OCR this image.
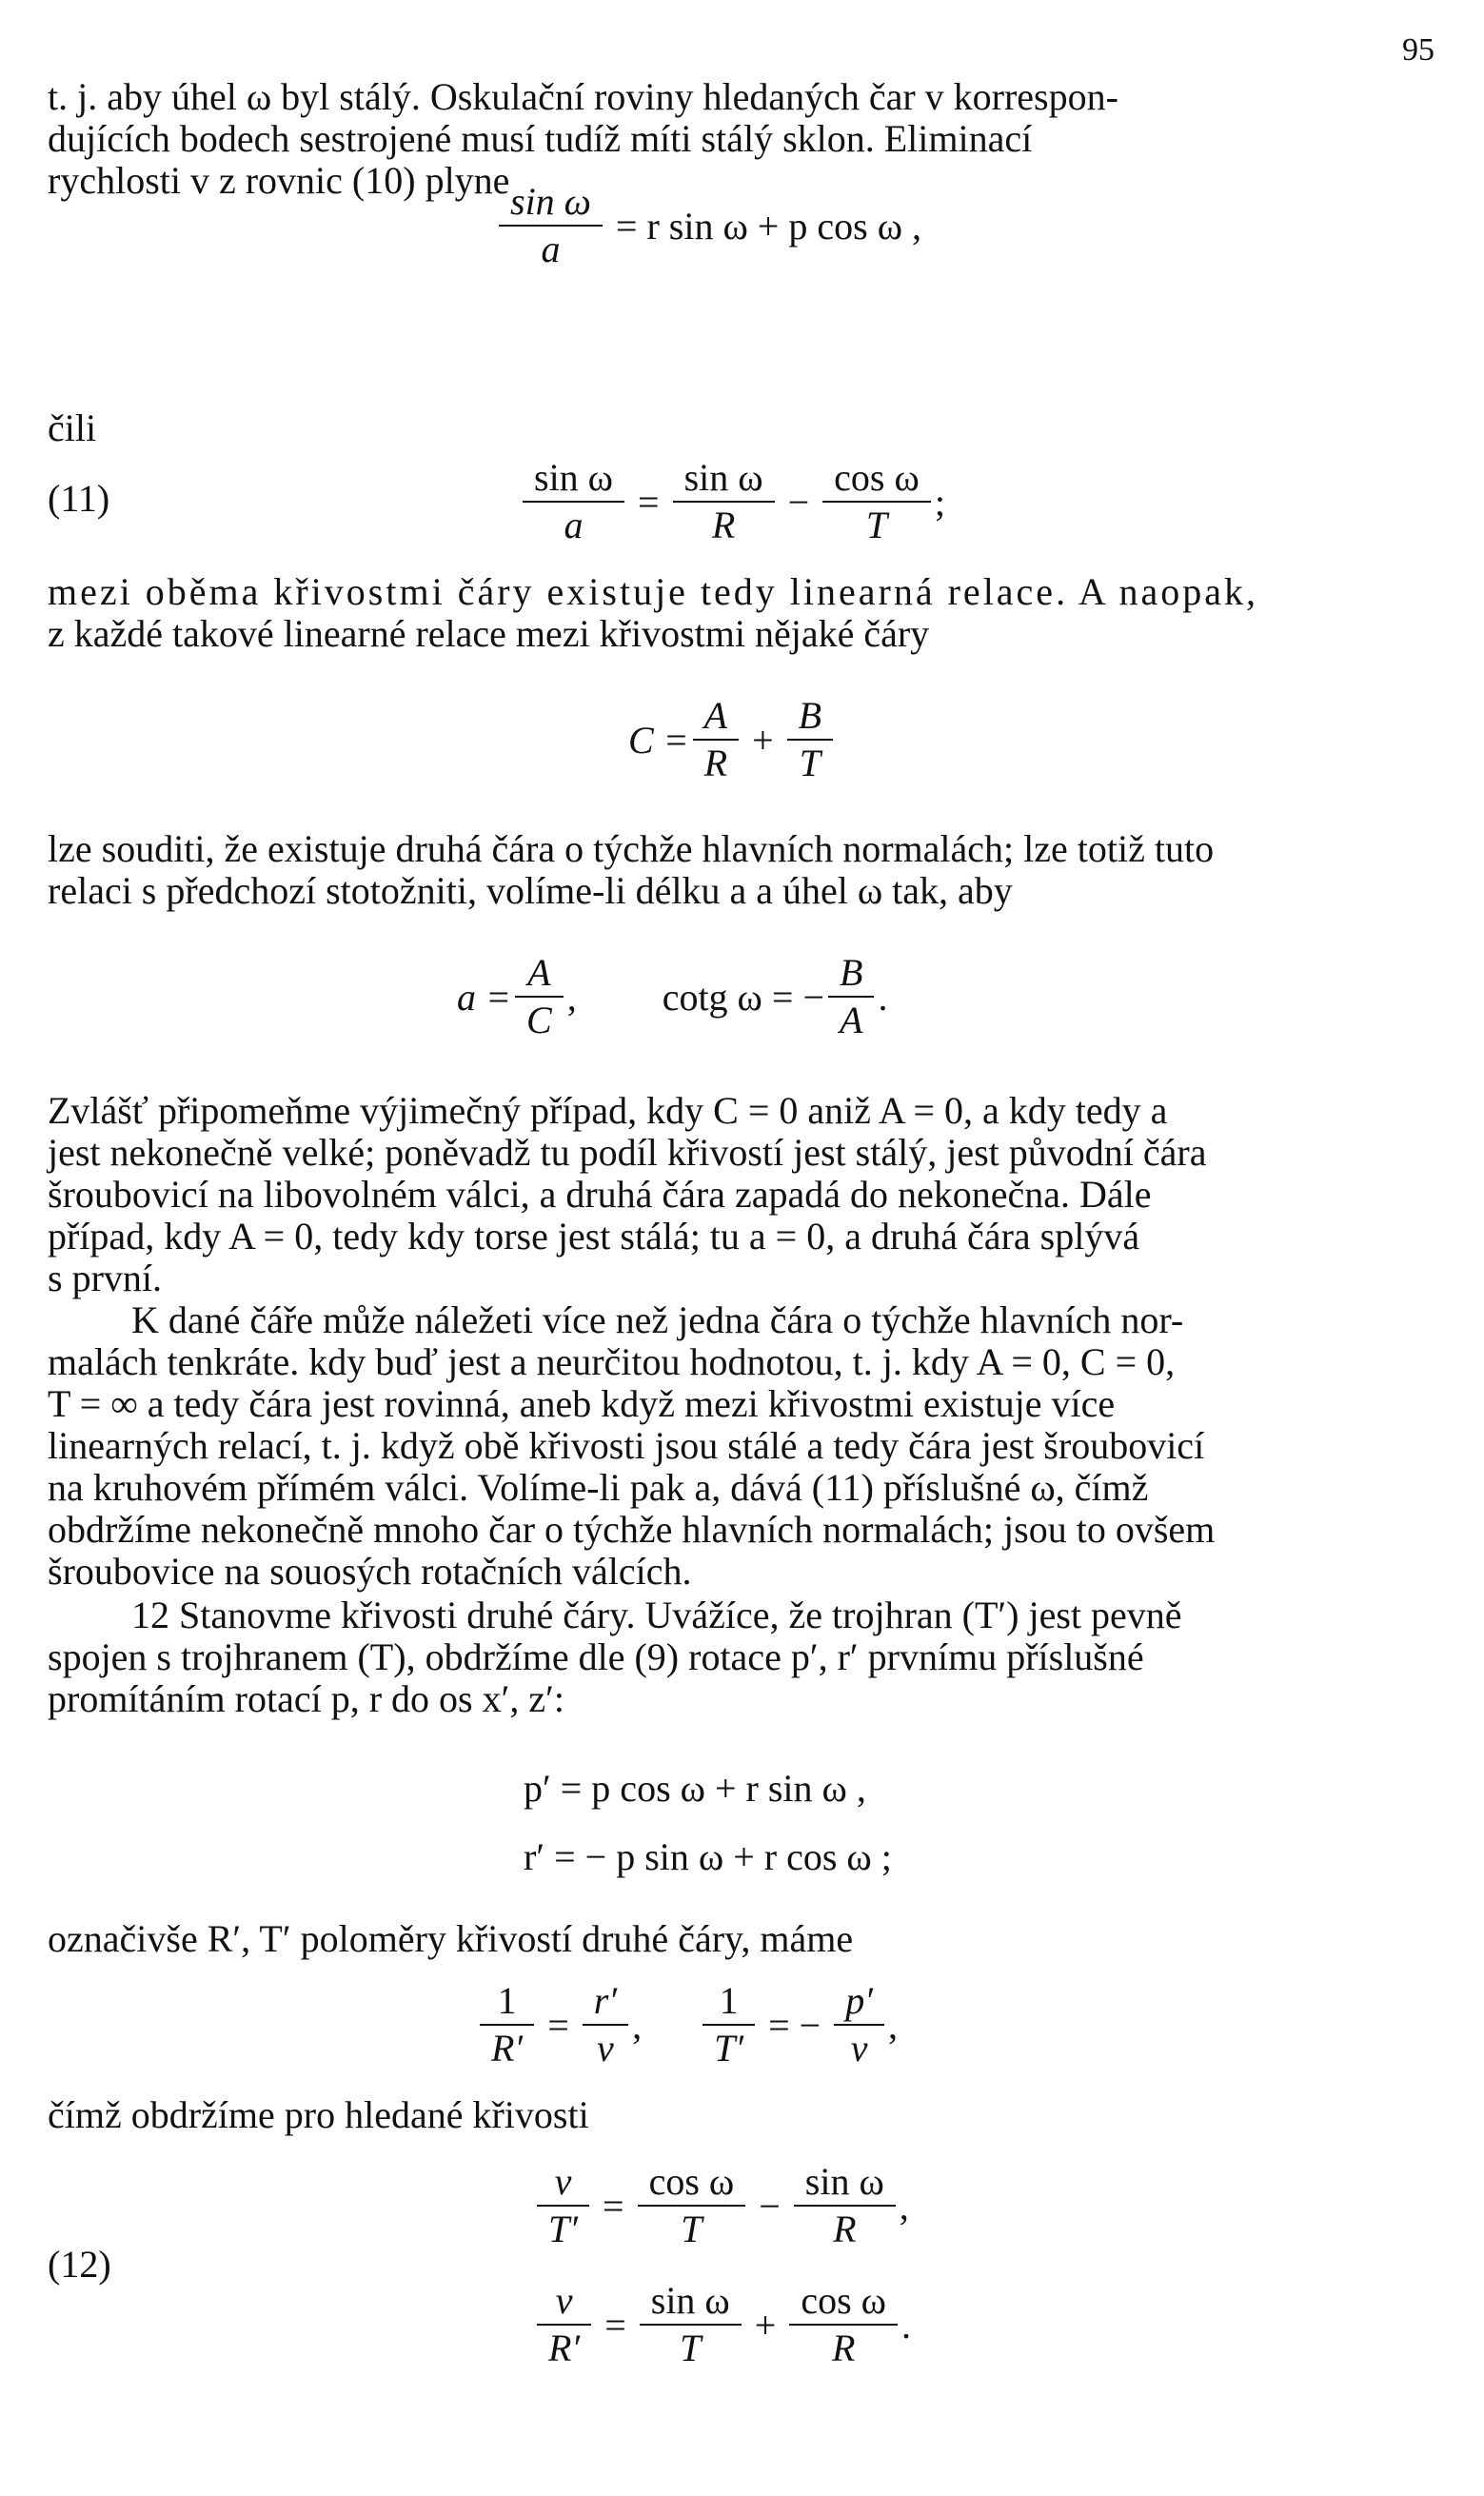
95

t. j. aby úhel ω byl stálý. Oskulační roviny hledaných čar v korrespon-
dujících bodech sestrojené musí tudíž míti stálý sklon. Eliminací
rychlosti v z rovnic (10) plyne

$\frac{\text{sin ω}}{a} = r$ sin ω + p cos ω ,
čili
(11)	$\frac{\text{sin ω}}{a} = \frac{\text{sin ω}}{R} - \frac{\text{cos ω}}{T}$ ;

mezi oběma křivostmi čáry existuje tedy linearná relace. A naopak,
z každé takové linearné relace mezi křivostmi nějaké čáry

$C = \frac{A}{R} + \frac{B}{T}$

lze souditi, že existuje druhá čára o týchže hlavních normalách; lze totiž tuto
relaci s předchozí stotožniti, volíme-li délku a a úhel ω tak, aby

$a = \frac{A}{C}$ , cotg ω = − $\frac{B}{A}$ .

Zvlášť připomeňme výjimečný případ, kdy C = 0 aniž A = 0, a kdy tedy a
jest nekonečně velké; poněvadž tu podíl křivostí jest stálý, jest původní čára
šroubovicí na libovolném válci, a druhá čára zapadá do nekonečna. Dále
případ, kdy A = 0, tedy kdy torse jest stálá; tu a = 0, a druhá čára splývá
s první.

K dané čáře může náležeti více než jedna čára o týchže hlavních nor-
malách tenkráte. kdy buď jest a neurčitou hodnotou, t. j. kdy A = 0, C = 0,
T = ∞ a tedy čára jest rovinná, aneb když mezi křivostmi existuje více
linearných relací, t. j. když obě křivosti jsou stálé a tedy čára jest šroubovicí
na kruhovém přímém válci. Volíme-li pak a, dává (11) příslušné ω, čímž
obdržíme nekonečně mnoho čar o týchže hlavních normalách; jsou to ovšem
šroubovice na souosých rotačních válcích.

12 Stanovme křivosti druhé čáry. Uvážíce, že trojhran (T′) jest pevně
spojen s trojhranem (T), obdržíme dle (9) rotace p′, r′ prvnímu příslušné
promítáním rotací p, r do os x′, z′:

p′ = p cos ω + r sin ω ,
r′ = − p sin ω + r cos ω ;

označivše R′, T′ poloměry křivostí druhé čáry, máme

$\frac{1}{R'} = \frac{r'}{v}$ , $\frac{1}{T'}$ = − $\frac{p'}{v}$ ,

čímž obdržíme pro hledané křivosti

(12)
$\frac{v}{T'} = \frac{\text{cos ω}}{T} - \frac{\text{sin ω}}{R}$ ,
$\frac{v}{R'} = \frac{\text{sin ω}}{T} + \frac{\text{cos ω}}{R}$ .
